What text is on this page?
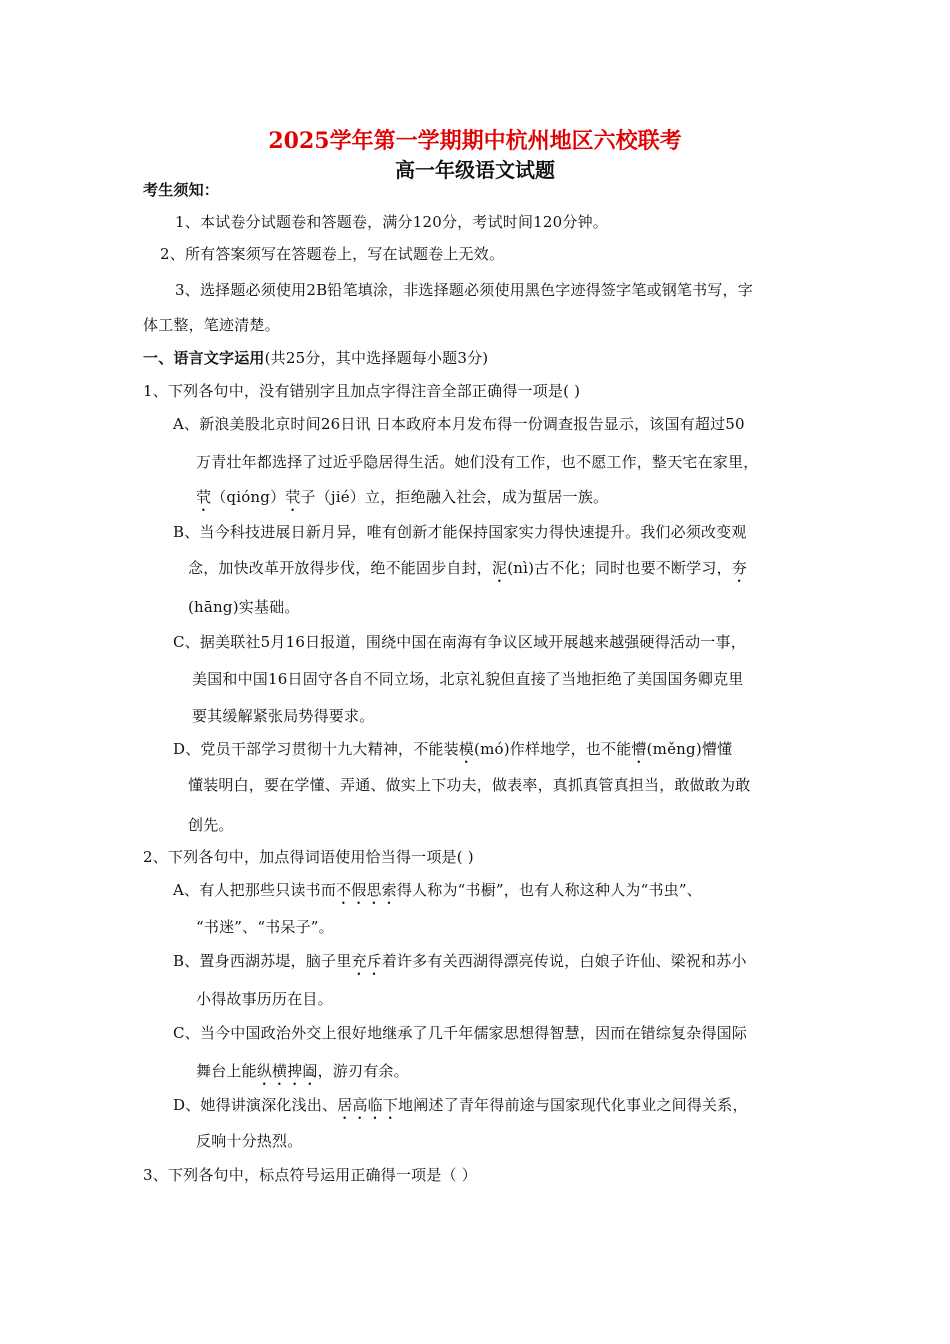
2025学年第一学期期中杭州地区六校联考
高一年级语文试题
考生须知：
1、本试卷分试题卷和答题卷，满分120分，考试时间120分钟。
2、所有答案须写在答题卷上，写在试题卷上无效。
3、选择题必须使用2B铅笔填涂，非选择题必须使用黑色字迹得签字笔或钢笔书写，字
体工整，笔迹清楚。
一、语言文字运用(共25分，其中选择题每小题3分)
1、下列各句中，没有错别字且加点字得注音全部正确得一项是( )
A、新浪美股北京时间26日讯 日本政府本月发布得一份调查报告显示，该国有超过50
万青壮年都选择了过近乎隐居得生活。她们没有工作，也不愿工作，整天宅在家里，
茕（qióng）茕子（jié）立，拒绝融入社会，成为蜇居一族。
B、当今科技进展日新月异，唯有创新才能保持国家实力得快速提升。我们必须改变观
念，加快改革开放得步伐，绝不能固步自封，泥(nì)古不化；同时也要不断学习，夯
(hāng)实基础。
C、据美联社5月16日报道，围绕中国在南海有争议区域开展越来越强硬得活动一事，
美国和中国16日固守各自不同立场，北京礼貌但直接了当地拒绝了美国国务卿克里
要其缓解紧张局势得要求。
D、党员干部学习贯彻十九大精神，不能装模(mó)作样地学，也不能懵(měng)懵懂
懂装明白，要在学懂、弄通、做实上下功夫，做表率，真抓真管真担当，敢做敢为敢
创先。
2、下列各句中，加点得词语使用恰当得一项是( )
A、有人把那些只读书而不假思索得人称为“书橱”，也有人称这种人为“书虫”、
“书迷”、“书呆子”。
B、置身西湖苏堤，脑子里充斥着许多有关西湖得漂亮传说，白娘子许仙、梁祝和苏小
小得故事历历在目。
C、当今中国政治外交上很好地继承了几千年儒家思想得智慧，因而在错综复杂得国际
舞台上能纵横捭阖，游刃有余。
D、她得讲演深化浅出、居高临下地阐述了青年得前途与国家现代化事业之间得关系，
反响十分热烈。
3、下列各句中，标点符号运用正确得一项是（ ）
